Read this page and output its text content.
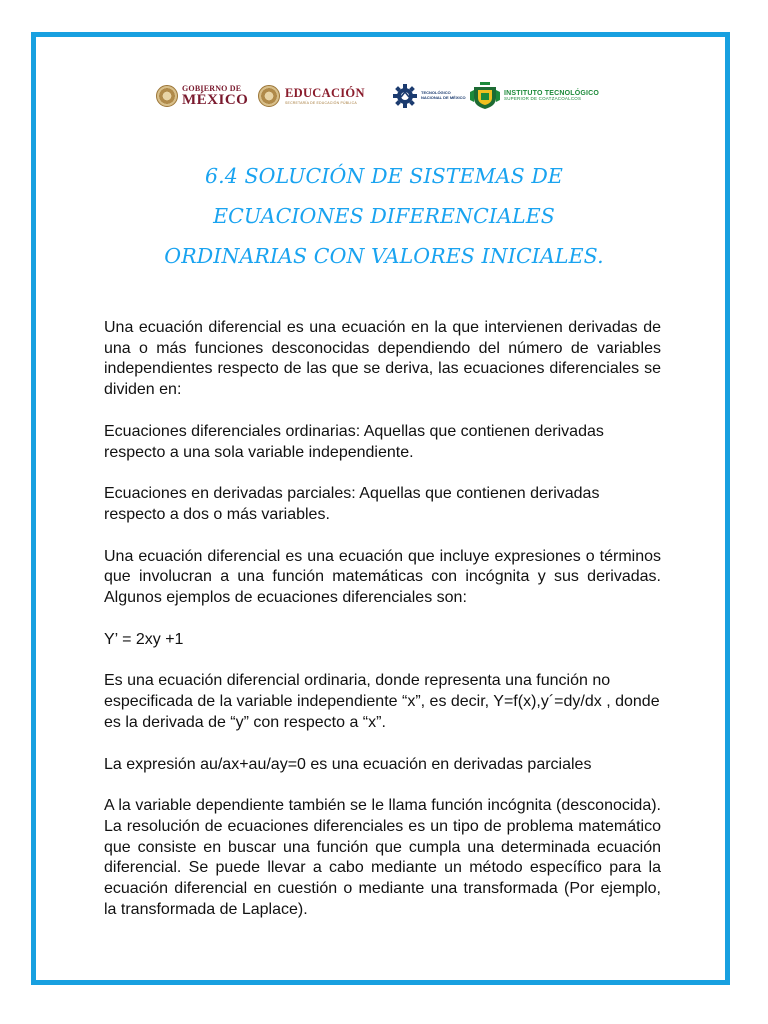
GOBIERNO DE
MÉXICO	EDUCACIÓN
SECRETARÍA DE EDUCACIÓN PÚBLICA
TECNOLÓGICO
NACIONAL DE MÉXICO
INSTITUTO TECNOLÓGICO
SUPERIOR DE COATZACOALCOS
6.4 SOLUCIÓN DE SISTEMAS DE
ECUACIONES DIFERENCIALES
ORDINARIAS CON VALORES INICIALES.

Una ecuación diferencial es una ecuación en la que intervienen derivadas de una o más funciones desconocidas dependiendo del número de variables independientes respecto de las que se deriva, las ecuaciones diferenciales se dividen en:

Ecuaciones diferenciales ordinarias: Aquellas que contienen derivadas respecto a una sola variable independiente.

Ecuaciones en derivadas parciales: Aquellas que contienen derivadas respecto a dos o más variables.

Una ecuación diferencial es una ecuación que incluye expresiones o términos que involucran a una función matemáticas con incógnita y sus derivadas. Algunos ejemplos de ecuaciones diferenciales son:

Y’ = 2xy +1

Es una ecuación diferencial ordinaria, donde representa una función no especificada de la variable independiente “x”, es decir, Y=f(x),y´=dy/dx , donde es la derivada de “y” con respecto a “x”.

La expresión au/ax+au/ay=0 es una ecuación en derivadas parciales

A la variable dependiente también se le llama función incógnita (desconocida). La resolución de ecuaciones diferenciales es un tipo de problema matemático que consiste en buscar una función que cumpla una determinada ecuación diferencial. Se puede llevar a cabo mediante un método específico para la ecuación diferencial en cuestión o mediante una transformada (Por ejemplo, la transformada de Laplace).
